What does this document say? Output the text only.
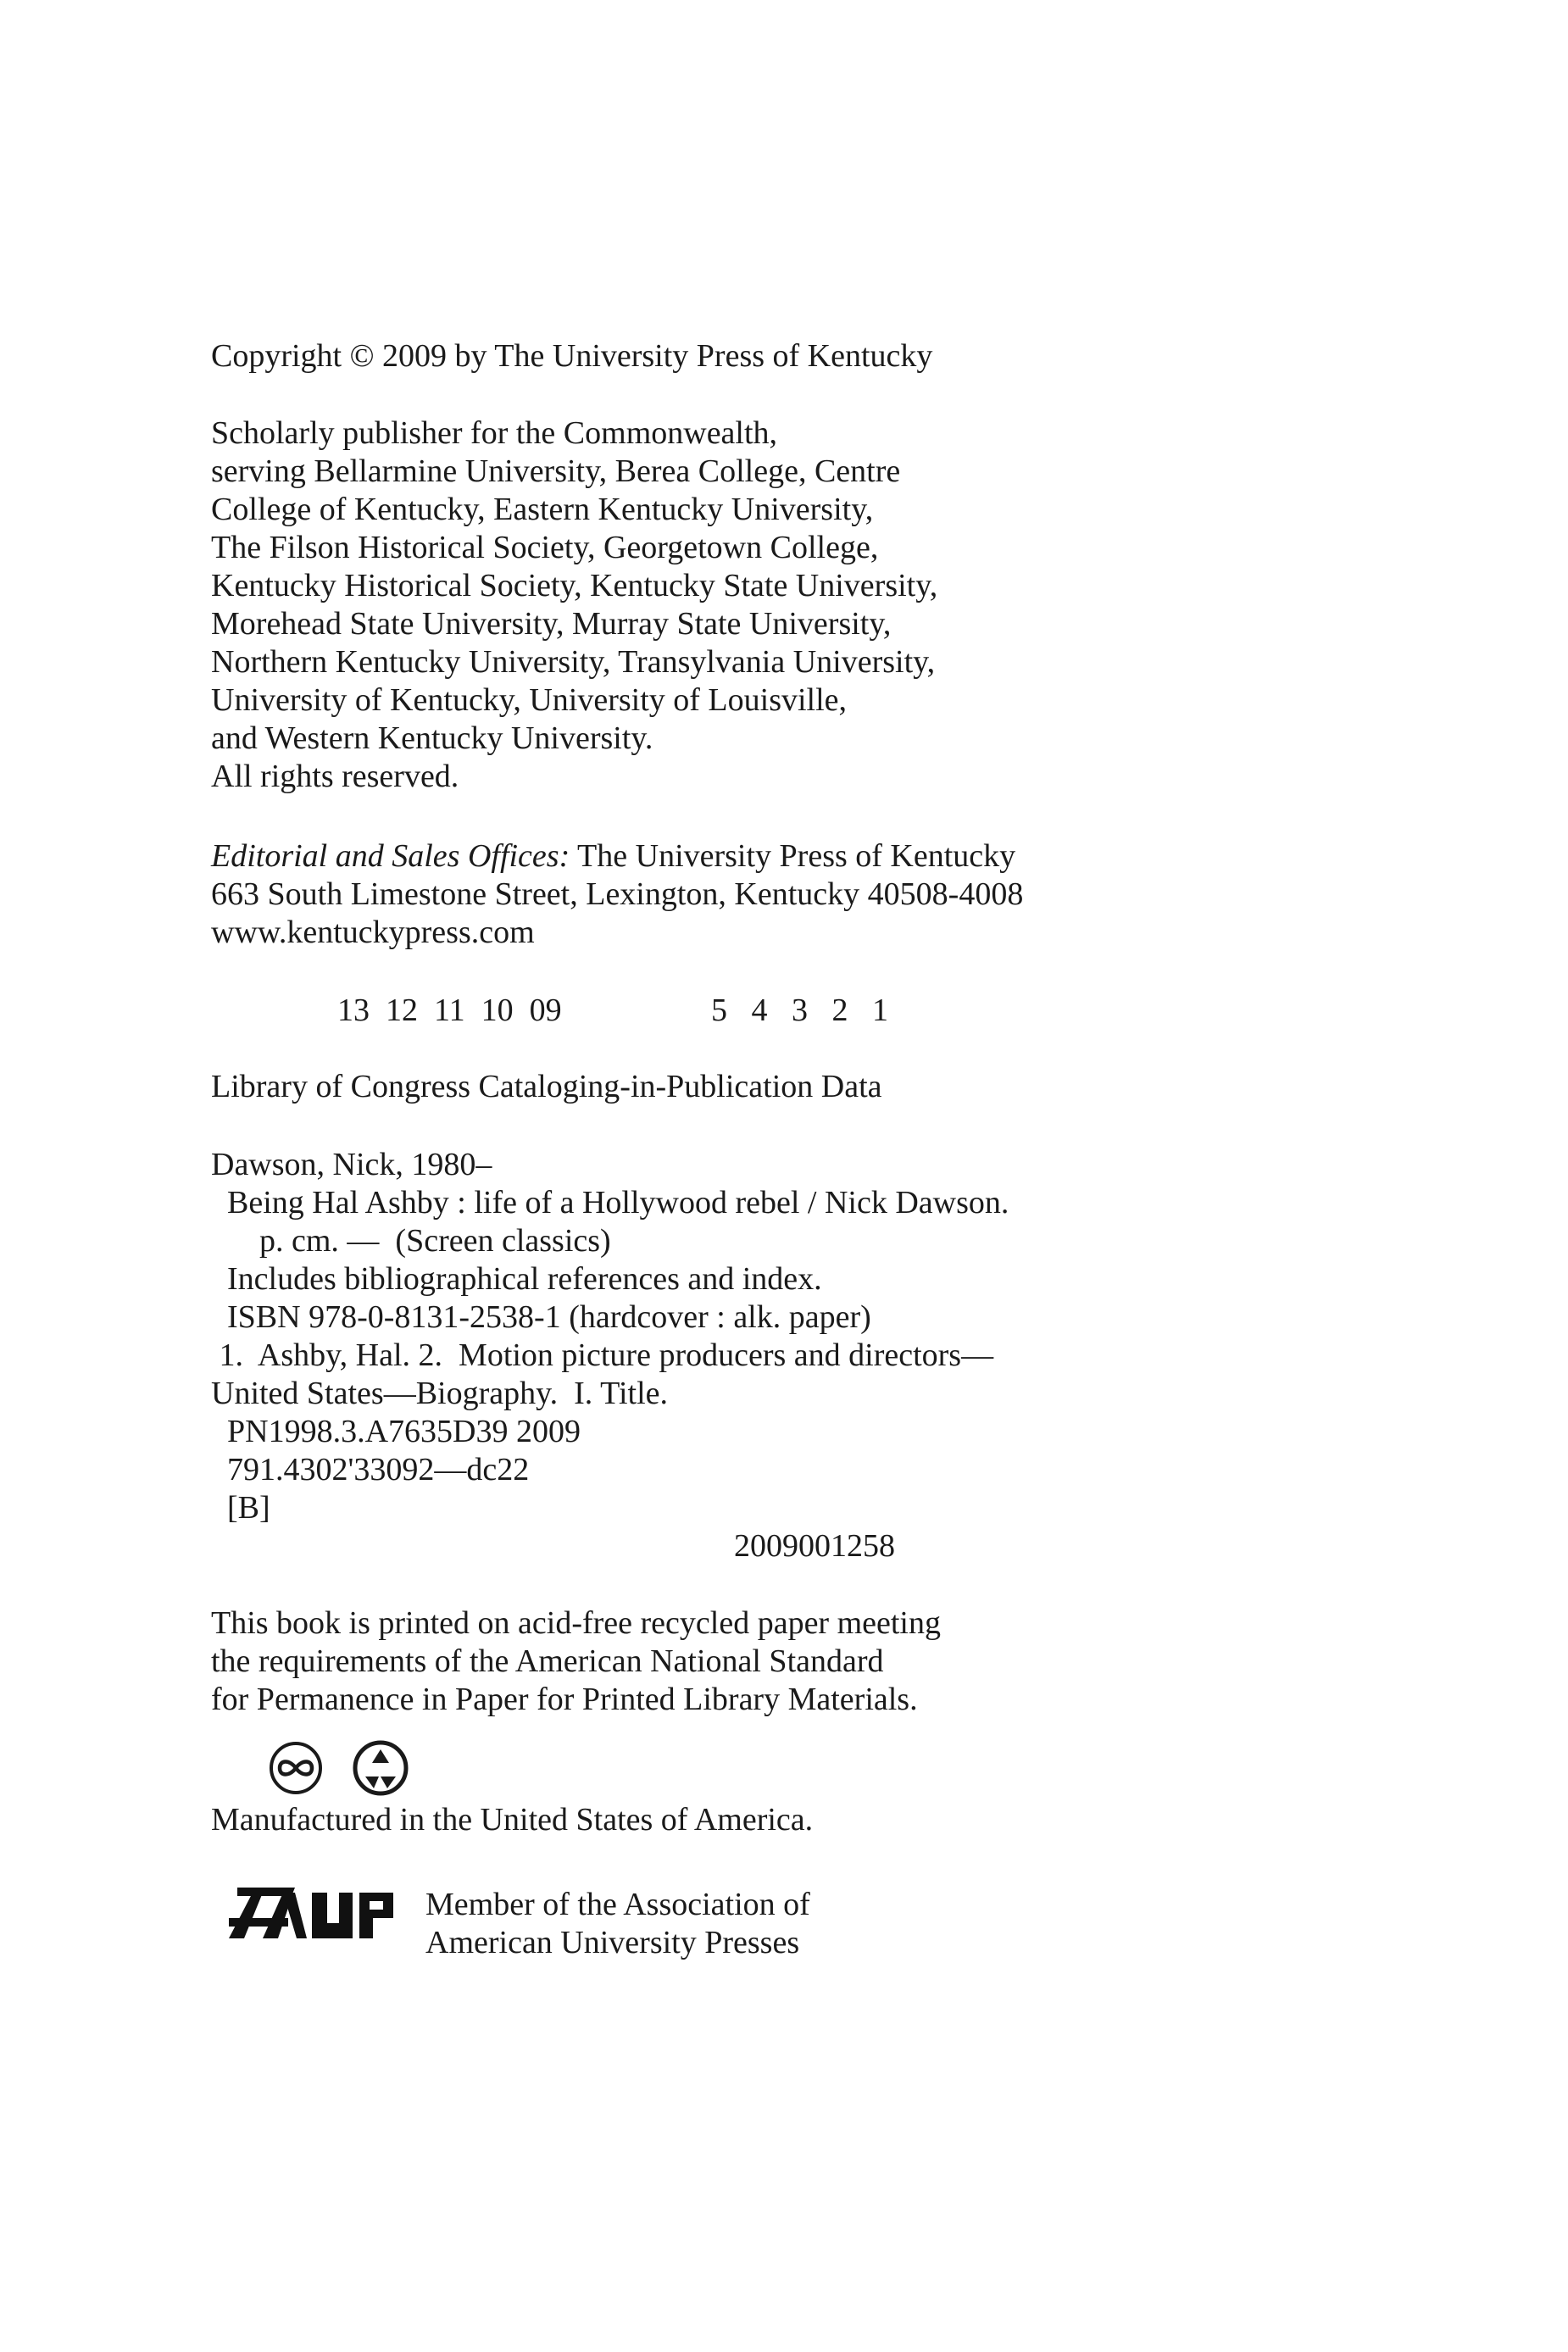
Copyright © 2009 by The University Press of Kentucky
Scholarly publisher for the Commonwealth,
serving Bellarmine University, Berea College, Centre
College of Kentucky, Eastern Kentucky University,
The Filson Historical Society, Georgetown College,
Kentucky Historical Society, Kentucky State University,
Morehead State University, Murray State University,
Northern Kentucky University, Transylvania University,
University of Kentucky, University of Louisville,
and Western Kentucky University.
All rights reserved.
Editorial and Sales Offices: The University Press of Kentucky
663 South Limestone Street, Lexington, Kentucky 40508-4008
www.kentuckypress.com
13  12  11  10  09	5   4   3   2   1
Library of Congress Cataloging-in-Publication Data
Dawson, Nick, 1980–
Being Hal Ashby : life of a Hollywood rebel / Nick Dawson.
p. cm. —  (Screen classics)
Includes bibliographical references and index.
ISBN 978-0-8131-2538-1 (hardcover : alk. paper)
1.  Ashby, Hal. 2.  Motion picture producers and directors—
United States—Biography.  I. Title.
PN1998.3.A7635D39 2009
791.4302'33092—dc22
[B]
2009001258
This book is printed on acid-free recycled paper meeting
the requirements of the American National Standard
for Permanence in Paper for Printed Library Materials.
Manufactured in the United States of America.
Member of the Association of
American University Presses
